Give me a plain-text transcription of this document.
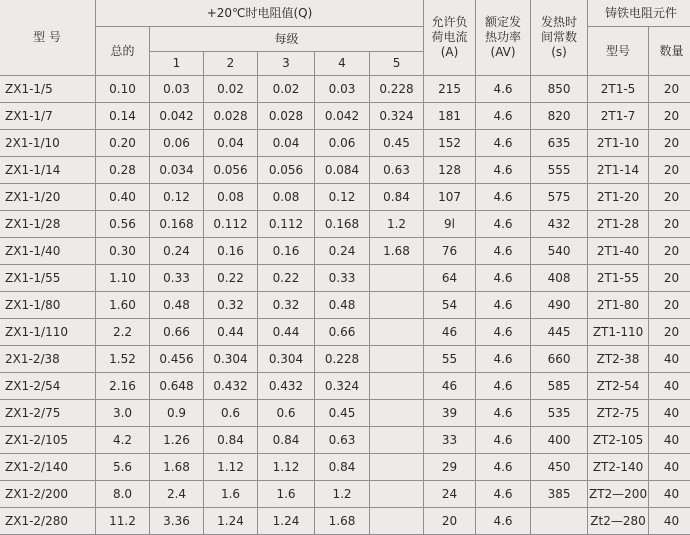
型 号	+20℃时电阻值(Q)						允许负
荷电流
(A)	额定发
热功率
(AV)	发热时
间常数
(s)	铸铁电阻元件	
	总的	每级								型号	数量
		1	2	3	4	5					
ZX1-1/5	0.10	0.03	0.02	0.02	0.03	0.228	215	4.6	850	2T1-5	20
ZX1-1/7	0.14	0.042	0.028	0.028	0.042	0.324	181	4.6	820	2T1-7	20
2X1-1/10	0.20	0.06	0.04	0.04	0.06	0.45	152	4.6	635	2T1-10	20
ZX1-1/14	0.28	0.034	0.056	0.056	0.084	0.63	128	4.6	555	2T1-14	20
ZX1-1/20	0.40	0.12	0.08	0.08	0.12	0.84	107	4.6	575	2T1-20	20
ZX1-1/28	0.56	0.168	0.112	0.112	0.168	1.2	9l	4.6	432	2T1-28	20
ZX1-1/40	0.30	0.24	0.16	0.16	0.24	1.68	76	4.6	540	2T1-40	20
ZX1-1/55	1.10	0.33	0.22	0.22	0.33		64	4.6	408	2T1-55	20
ZX1-1/80	1.60	0.48	0.32	0.32	0.48		54	4.6	490	2T1-80	20
ZX1-1/110	2.2	0.66	0.44	0.44	0.66		46	4.6	445	ZT1-110	20
2X1-2/38	1.52	0.456	0.304	0.304	0.228		55	4.6	660	ZT2-38	40
ZX1-2/54	2.16	0.648	0.432	0.432	0.324		46	4.6	585	ZT2-54	40
ZX1-2/75	3.0	0.9	0.6	0.6	0.45		39	4.6	535	ZT2-75	40
ZX1-2/105	4.2	1.26	0.84	0.84	0.63		33	4.6	400	ZT2-105	40
ZX1-2/140	5.6	1.68	1.12	1.12	0.84		29	4.6	450	ZT2-140	40
ZX1-2/200	8.0	2.4	1.6	1.6	1.2		24	4.6	385	ZT2—200	40
ZX1-2/280	11.2	3.36	1.24	1.24	1.68		20	4.6		Zt2—280	40
